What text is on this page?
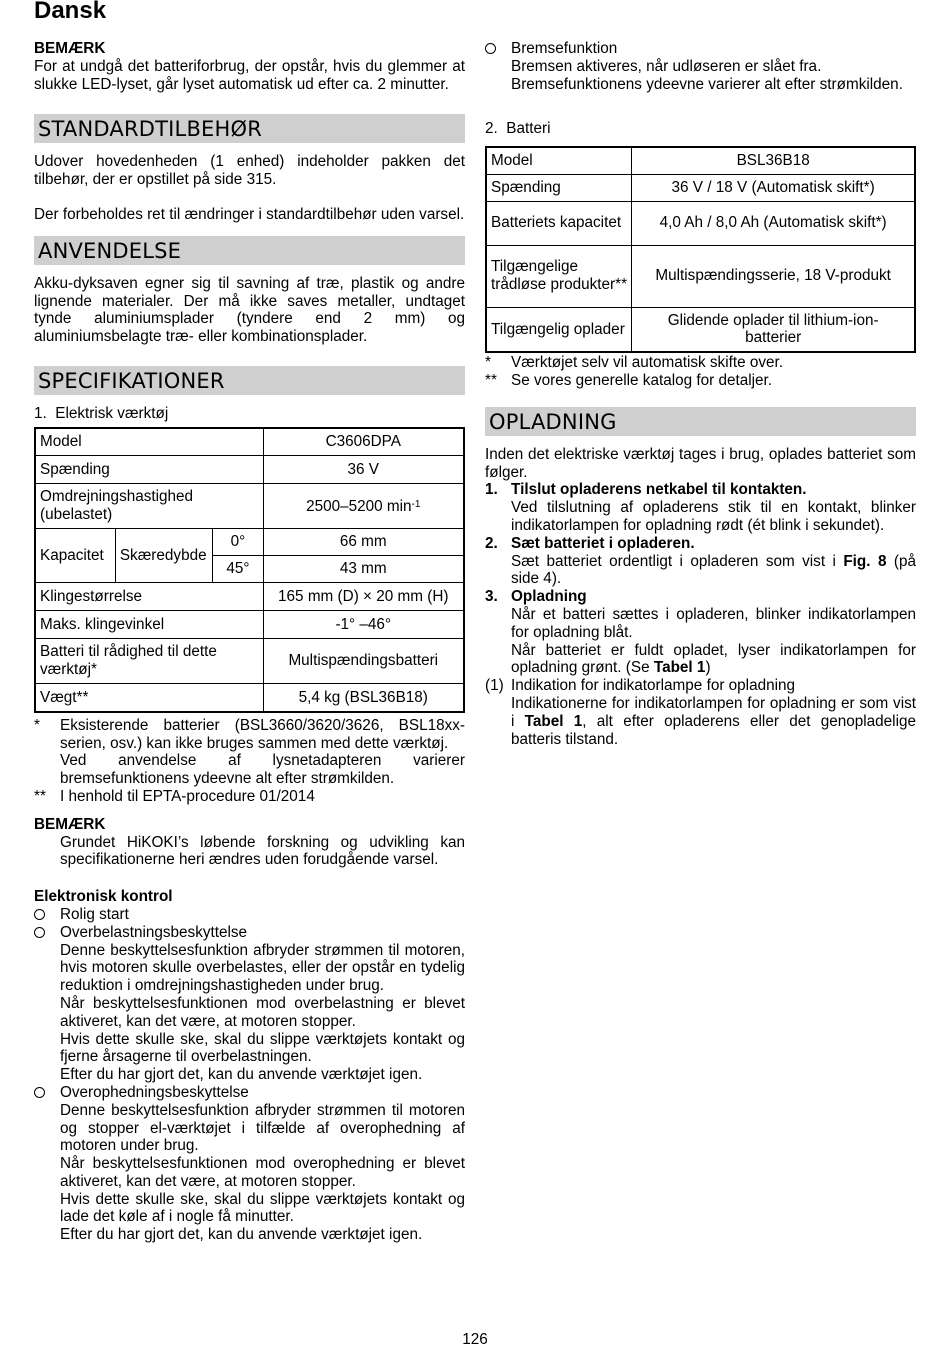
Dansk
BEMÆRK

For at undgå det batteriforbrug, der opstår, hvis du glemmer at slukke LED-lyset, går lyset automatisk ud efter ca. 2 minutter.

STANDARDTILBEHØR

Udover hovedenheden (1 enhed) indeholder pakken det tilbehør, der er opstillet på side 315.

Der forbeholdes ret til ændringer i standardtilbehør uden varsel.

ANVENDELSE

Akku-dyksaven egner sig til savning af træ, plastik og andre lignende materialer. Der må ikke saves metaller, undtaget tynde aluminiumsplader (tyndere end 2 mm) og aluminiumsbelagte træ- eller kombinationsplader.

SPECIFIKATIONER
1.  Elektrisk værktøj
Model			C3606DPA
Spænding			36 V
Omdrejningshastighed (ubelastet)			2500–5200 $\min^{-1}$
Kapacitet	Skæredybde	0°	66 mm
		45°	43 mm
Klingestørrelse			165 mm (D) × 20 mm (H)
Maks. klingevinkel			-1° –46°
Batteri til rådighed til dette værktøj*			Multispændingsbatteri
Vægt**			5,4 kg (BSL36B18)
* Eksisterende batterier (BSL3660/3620/3626, BSL18xx-serien, osv.) kan ikke bruges sammen med dette værktøj.

Ved anvendelse af lysnetadapteren varierer bremsefunktionens ydeevne alt efter strømkilden.

** I henhold til EPTA-procedure 01/2014

BEMÆRK

Grundet HiKOKI’s løbende forskning og udvikling kan specifikationerne heri ændres uden forudgående varsel.

Elektronisk kontrol
Rolig start
Overbelastningsbeskyttelse

Denne beskyttelsesfunktion afbryder strømmen til motoren, hvis motoren skulle overbelastes, eller der opstår en tydelig reduktion i omdrejningshastigheden under brug.

Når beskyttelsesfunktionen mod overbelastning er blevet aktiveret, kan det være, at motoren stopper.

Hvis dette skulle ske, skal du slippe værktøjets kontakt og fjerne årsagerne til overbelastningen.

Efter du har gjort det, kan du anvende værktøjet igen.

Overophedningsbeskyttelse

Denne beskyttelsesfunktion afbryder strømmen til motoren og stopper el-værktøjet i tilfælde af overophedning af motoren under brug.

Når beskyttelsesfunktionen mod overophedning er blevet aktiveret, kan det være, at motoren stopper.

Hvis dette skulle ske, skal du slippe værktøjets kontakt og lade det køle af i nogle få minutter.

Efter du har gjort det, kan du anvende værktøjet igen.

Bremsefunktion

Bremsen aktiveres, når udløseren er slået fra.

Bremsefunktionens ydeevne varierer alt efter strømkilden.

2.  Batteri
Model	BSL36B18
Spænding	36 V / 18 V (Automatisk skift*)
Batteriets kapacitet	4,0 Ah / 8,0 Ah (Automatisk skift*)
Tilgængelige trådløse produkter**	Multispændingsserie, 18 V-produkt
Tilgængelig oplader	Glidende oplader til lithium-ion-batterier
* Værktøjet selv vil automatisk skifte over.

** Se vores generelle katalog for detaljer.

OPLADNING

Inden det elektriske værktøj tages i brug, oplades batteriet som følger.

1. Tilslut opladerens netkabel til kontakten.

Ved tilslutning af opladerens stik til en kontakt, blinker indikatorlampen for opladning rødt (ét blink i sekundet).

2. Sæt batteriet i opladeren.

Sæt batteriet ordentligt i opladeren som vist i Fig. 8 (på side 4).

3. Opladning

Når et batteri sættes i opladeren, blinker indikatorlampen for opladning blåt.

Når batteriet er fuldt opladet, lyser indikatorlampen for opladning grønt. (Se Tabel 1)

(1) Indikation for indikatorlampe for opladning

Indikationerne for indikatorlampen for opladning er som vist i Tabel 1, alt efter opladerens eller det genopladelige batteris tilstand.

126
